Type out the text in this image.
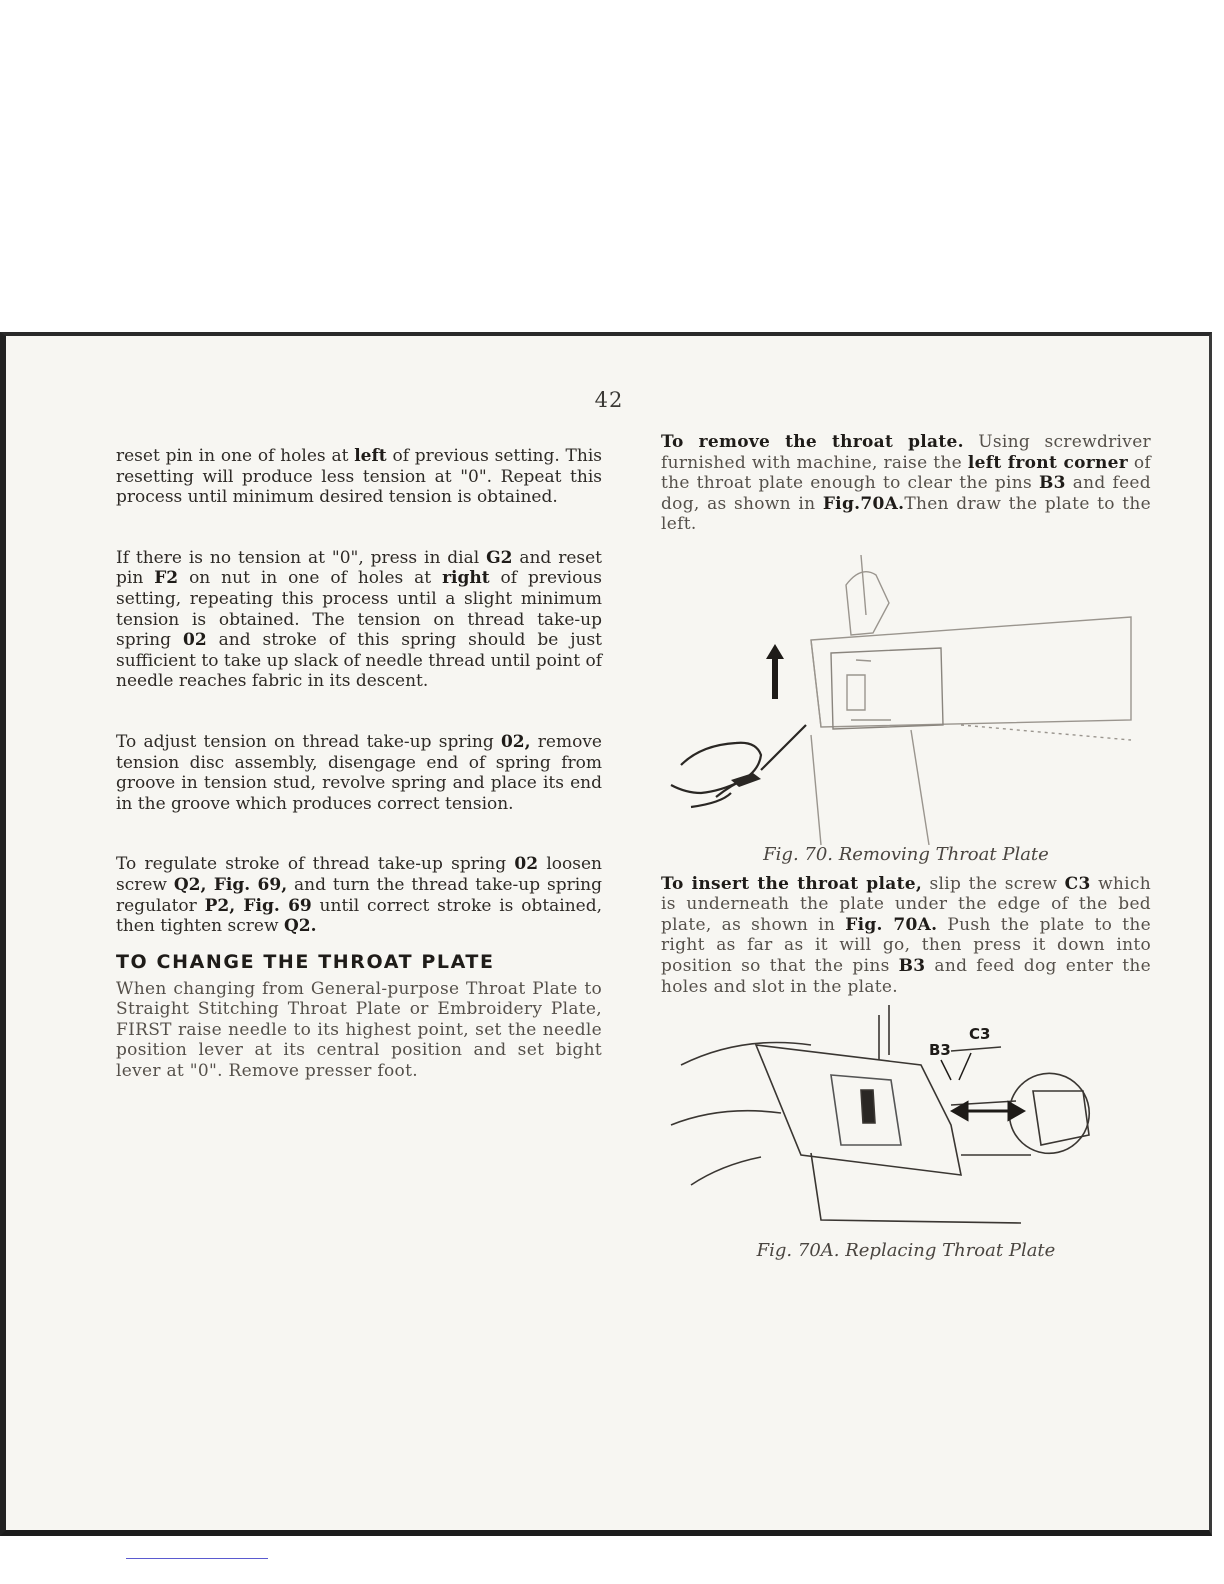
42

reset pin in one of holes at left of previous setting. This resetting will produce less tension at "0". Repeat this process until minimum desired tension is obtained.

If there is no tension at "0", press in dial G2 and reset pin F2 on nut in one of holes at right of previous setting, repeating this process until a slight minimum tension is obtained. The tension on thread take-up spring 02 and stroke of this spring should be just sufficient to take up slack of needle thread until point of needle reaches fabric in its descent.

To adjust tension on thread take-up spring 02, remove tension disc assembly, disengage end of spring from groove in tension stud, revolve spring and place its end in the groove which produces correct tension.

To regulate stroke of thread take-up spring 02 loosen screw Q2, Fig. 69, and turn the thread take-up spring regulator P2, Fig. 69 until correct stroke is obtained, then tighten screw Q2.

TO CHANGE THE THROAT PLATE

When changing from General-purpose Throat Plate to Straight Stitching Throat Plate or Embroidery Plate, FIRST raise needle to its highest point, set the needle position lever at its central position and set bight lever at "0". Remove presser foot.

To remove the throat plate. Using screwdriver furnished with machine, raise the left front corner of the throat plate enough to clear the pins B3 and feed dog, as shown in Fig.70A.Then draw the plate to the left.

Fig. 70. Removing Throat Plate

To insert the throat plate, slip the screw C3 which is underneath the plate under the edge of the bed plate, as shown in Fig. 70A. Push the plate to the right as far as it will go, then press it down into position so that the pins B3 and feed dog enter the holes and slot in the plate.

B3
C3

Fig. 70A. Replacing Throat Plate
